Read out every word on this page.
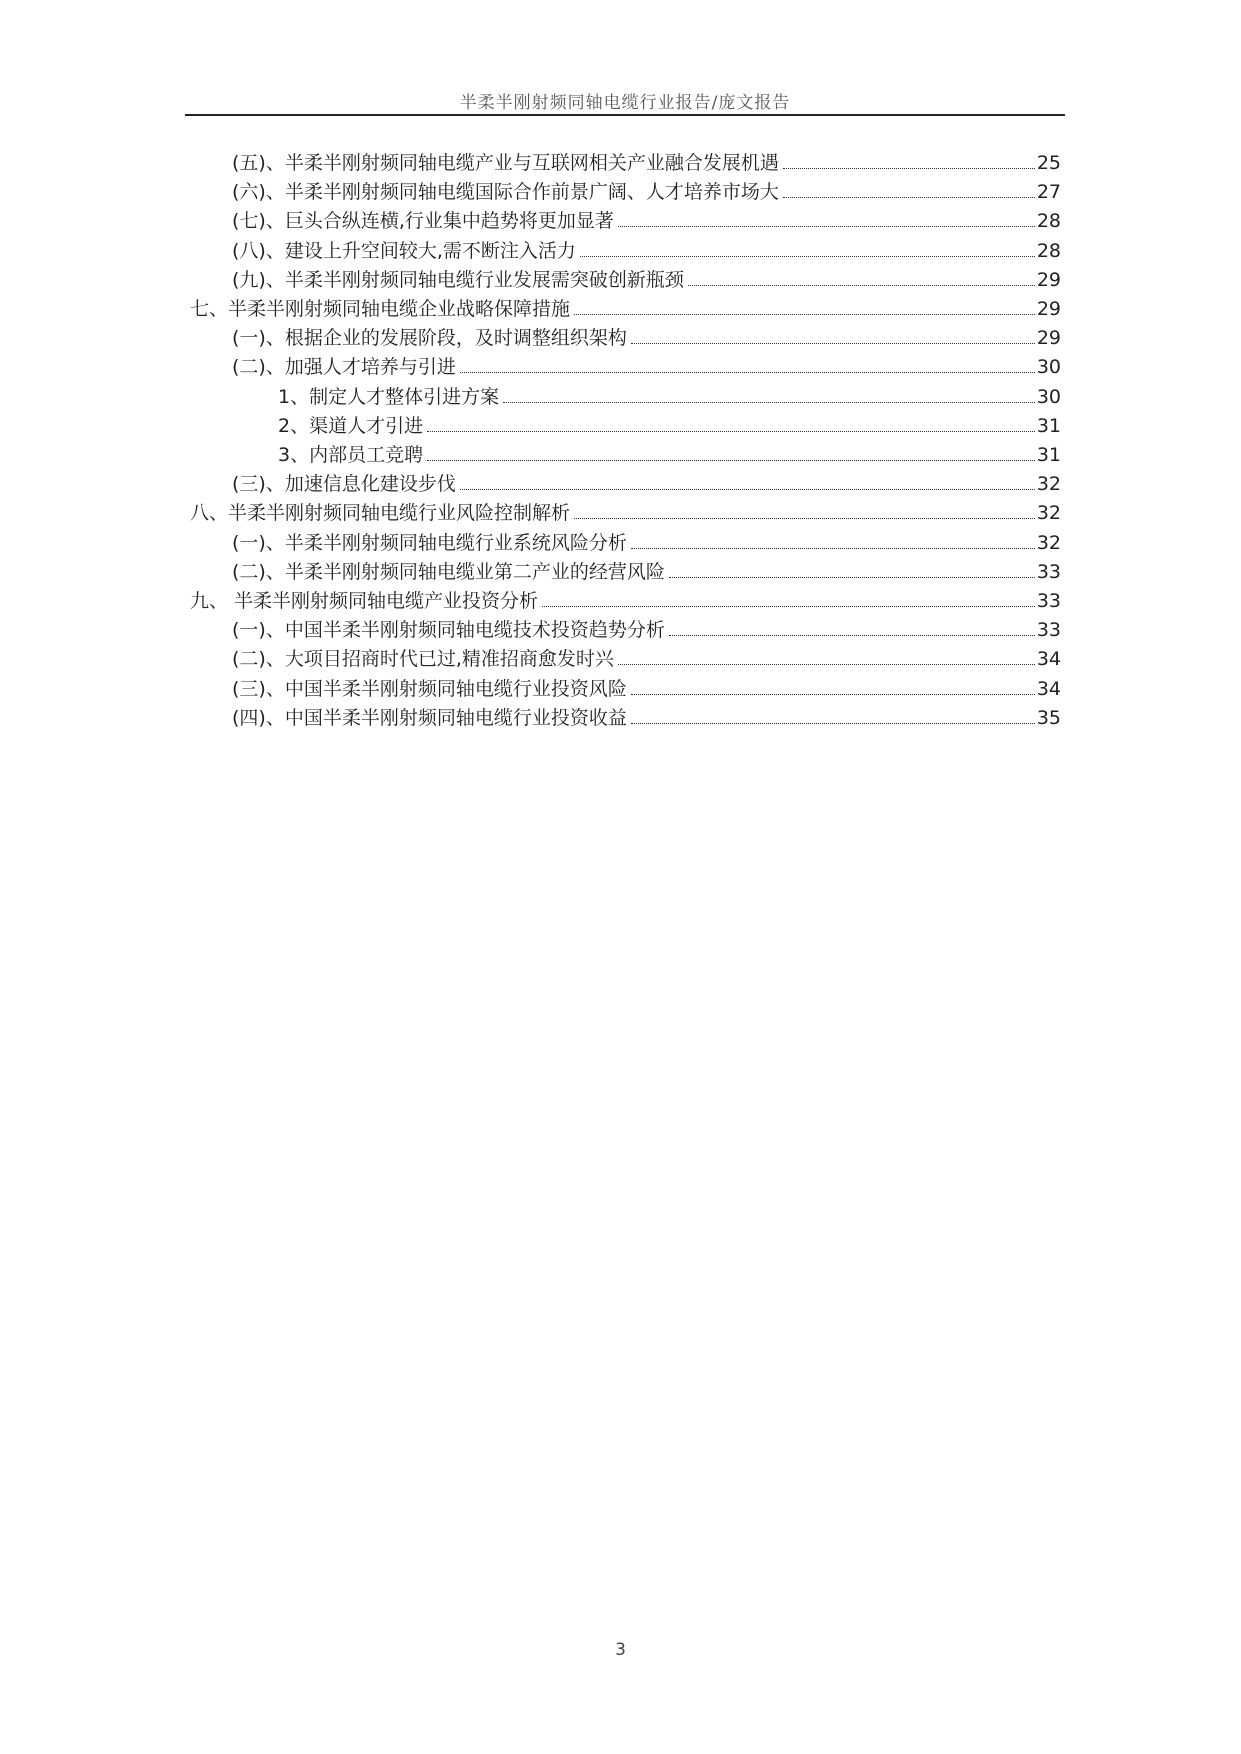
半柔半刚射频同轴电缆行业报告/庞文报告
(五)、半柔半刚射频同轴电缆产业与互联网相关产业融合发展机遇	25
(六)、半柔半刚射频同轴电缆国际合作前景广阔、人才培养市场大	27
(七)、巨头合纵连横,行业集中趋势将更加显著	28
(八)、建设上升空间较大,需不断注入活力	28
(九)、半柔半刚射频同轴电缆行业发展需突破创新瓶颈	29
七、半柔半刚射频同轴电缆企业战略保障措施	29
(一)、根据企业的发展阶段，及时调整组织架构	29
(二)、加强人才培养与引进	30
1、制定人才整体引进方案	30
2、渠道人才引进	31
3、内部员工竞聘	31
(三)、加速信息化建设步伐	32
八、半柔半刚射频同轴电缆行业风险控制解析	32
(一)、半柔半刚射频同轴电缆行业系统风险分析	32
(二)、半柔半刚射频同轴电缆业第二产业的经营风险	33
九、 半柔半刚射频同轴电缆产业投资分析	33
(一)、中国半柔半刚射频同轴电缆技术投资趋势分析	33
(二)、大项目招商时代已过,精准招商愈发时兴	34
(三)、中国半柔半刚射频同轴电缆行业投资风险	34
(四)、中国半柔半刚射频同轴电缆行业投资收益	35
3
